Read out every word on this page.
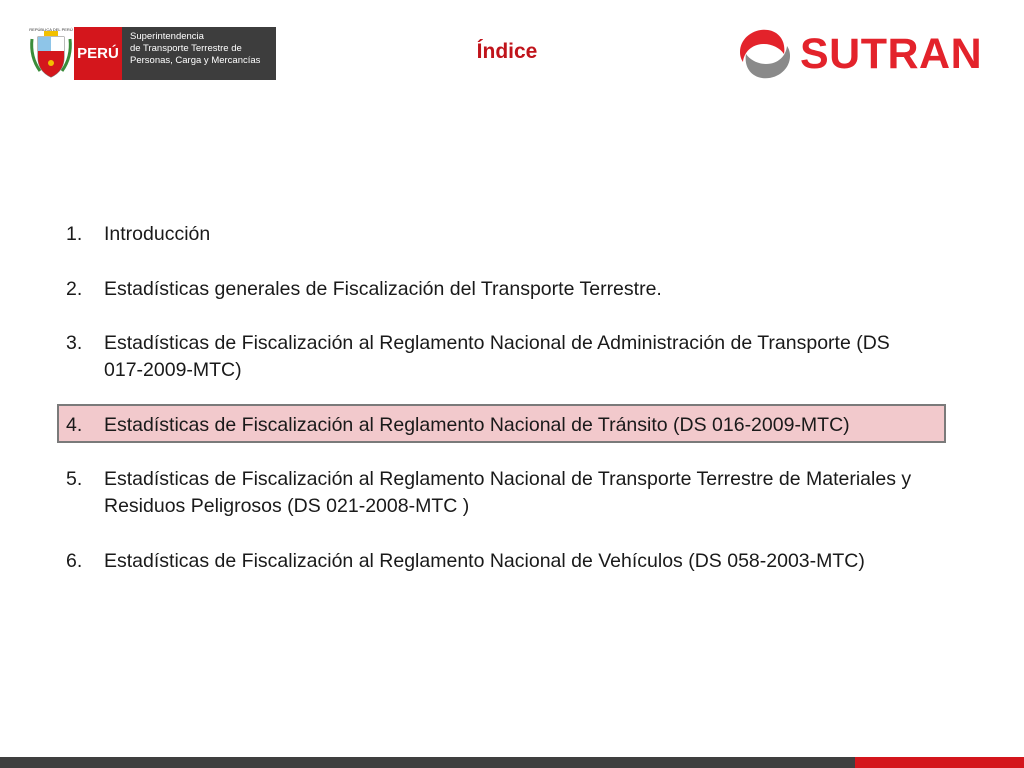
REPÚBLICA DEL PERÚ
PERÚ
Superintendencia
de Transporte Terrestre de
Personas, Carga y Mercancías	Índice	SUTRAN
1. Introducción
2. Estadísticas generales de Fiscalización del Transporte Terrestre.
3. Estadísticas de Fiscalización al Reglamento Nacional de Administración de Transporte (DS
017-2009-MTC)
4. Estadísticas de Fiscalización al Reglamento Nacional de Tránsito (DS 016-2009-MTC)
5. Estadísticas de Fiscalización al Reglamento Nacional de Transporte Terrestre de Materiales y
Residuos Peligrosos (DS 021-2008-MTC )
6. Estadísticas de Fiscalización al Reglamento Nacional de Vehículos (DS 058-2003-MTC)
